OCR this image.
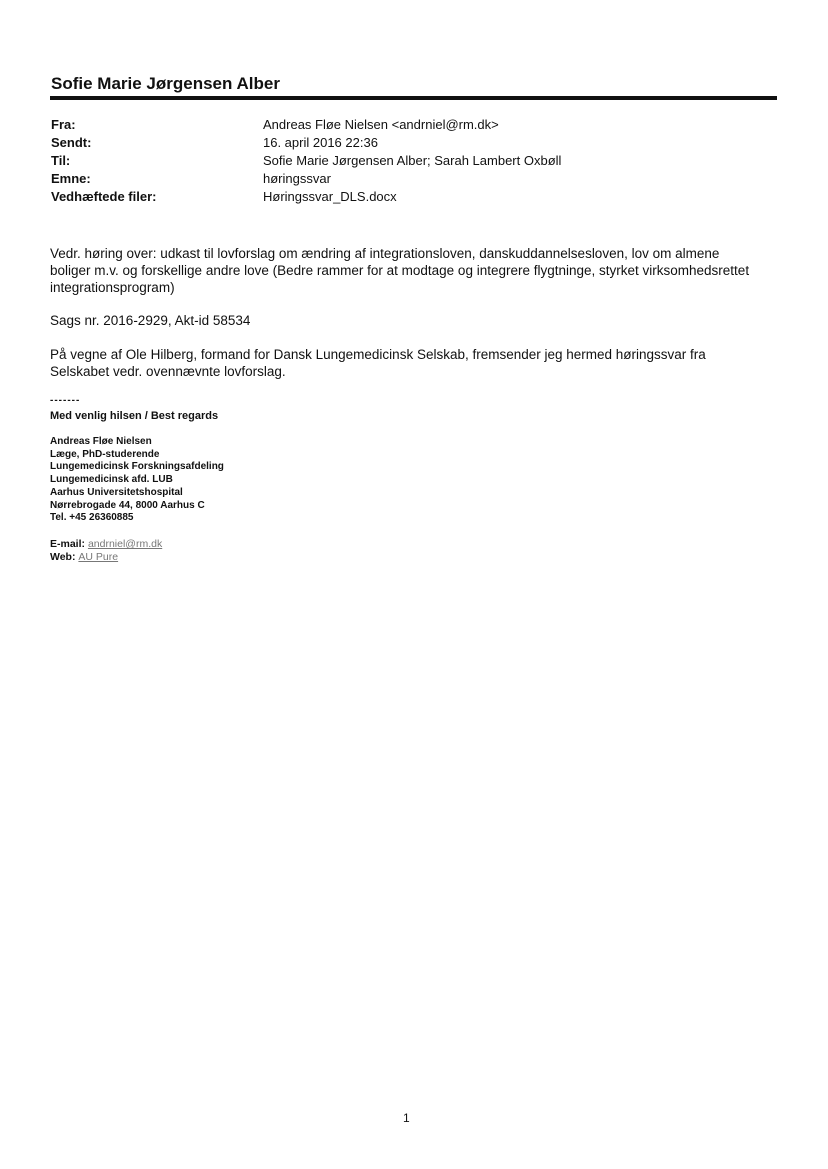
Sofie Marie Jørgensen Alber
Fra:	Andreas Fløe Nielsen <andrniel@rm.dk>
Sendt:	16. april 2016 22:36
Til:	Sofie Marie Jørgensen Alber; Sarah Lambert Oxbøll
Emne:	høringssvar
Vedhæftede filer:	Høringssvar_DLS.docx

Vedr. høring over: udkast til lovforslag om ændring af integrationsloven, danskuddannelsesloven, lov om almene boliger m.v. og forskellige andre love (Bedre rammer for at modtage og integrere flygtninge, styrket virksomhedsrettet integrationsprogram)

Sags nr. 2016-2929, Akt-id 58534

På vegne af Ole Hilberg, formand for Dansk Lungemedicinsk Selskab, fremsender jeg hermed høringssvar fra Selskabet vedr. ovennævnte lovforslag.

-------
Med venlig hilsen / Best regards
Andreas Fløe Nielsen
Læge, PhD-studerende
Lungemedicinsk Forskningsafdeling
Lungemedicinsk afd. LUB
Aarhus Universitetshospital
Nørrebrogade 44, 8000 Aarhus C
Tel. +45 26360885
E-mail: andrniel@rm.dk
Web: AU Pure
1
